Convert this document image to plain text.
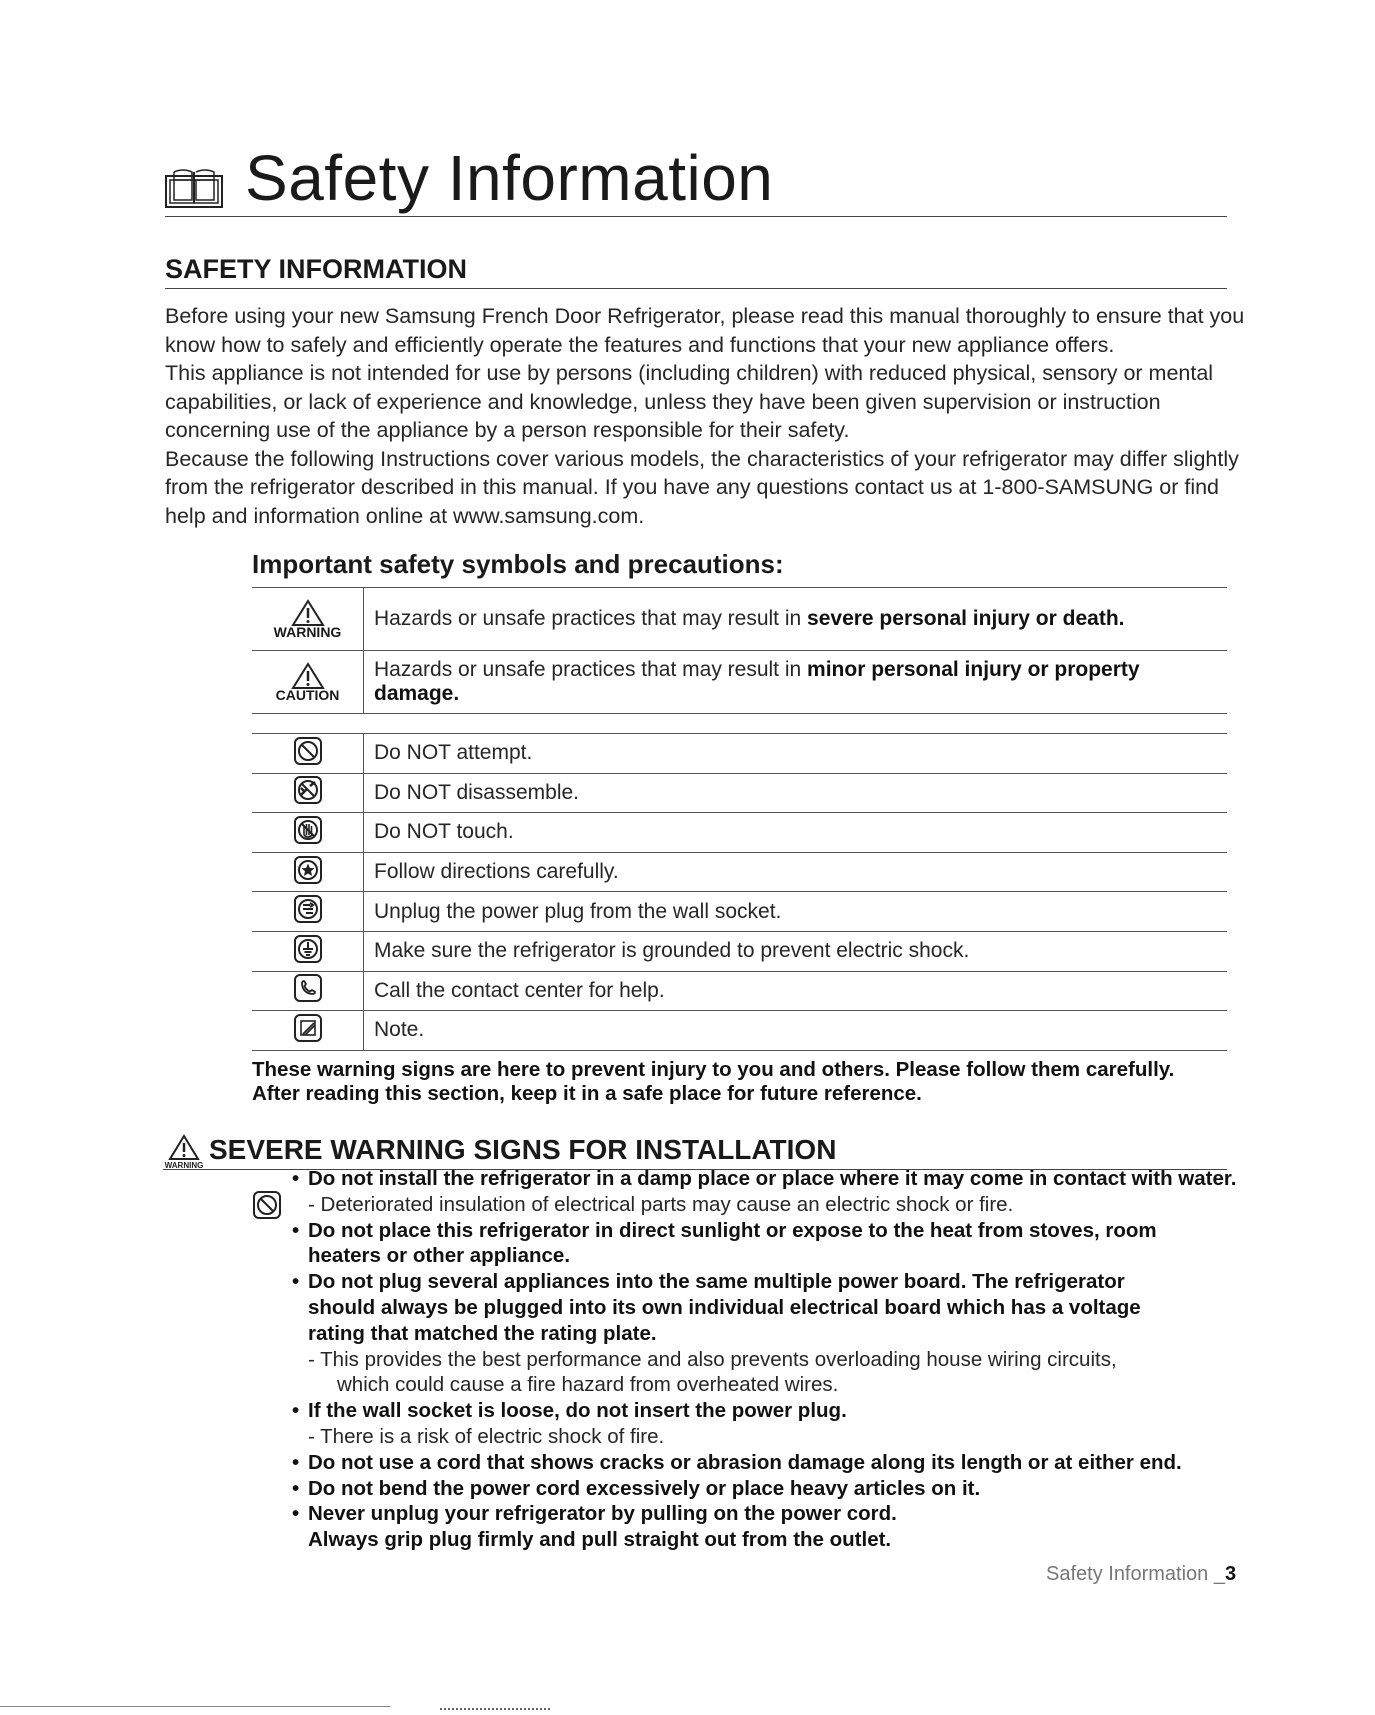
Safety Information
SAFETY INFORMATION

Before using your new Samsung French Door Refrigerator, please read this manual thoroughly to ensure that you know how to safely and efficiently operate the features and functions that your new appliance offers.

This appliance is not intended for use by persons (including children) with reduced physical, sensory or mental capabilities, or lack of experience and knowledge, unless they have been given supervision or instruction concerning use of the appliance by a person responsible for their safety.

Because the following Instructions cover various models, the characteristics of your refrigerator may differ slightly from the refrigerator described in this manual. If you have any questions contact us at 1-800-SAMSUNG or find help and information online at www.samsung.com.

Important safety symbols and precautions:
WARNING	Hazards or unsafe practices that may result in severe personal injury or death.

CAUTION	Hazards or unsafe practices that may result in minor personal injury or property damage.
	Do NOT attempt.
	Do NOT disassemble.
	Do NOT touch.
	Follow directions carefully.
	Unplug the power plug from the wall socket.
	Make sure the refrigerator is grounded to prevent electric shock.
	Call the contact center for help.
	Note.
These warning signs are here to prevent injury to you and others. Please follow them carefully.
After reading this section, keep it in a safe place for future reference.
WARNING
SEVERE WARNING SIGNS FOR INSTALLATION
• Do not install the refrigerator in a damp place or place where it may come in contact with water.
- Deteriorated insulation of electrical parts may cause an electric shock or fire.
• Do not place this refrigerator in direct sunlight or expose to the heat from stoves, room
heaters or other appliance.
• Do not plug several appliances into the same multiple power board. The refrigerator
should always be plugged into its own individual electrical board which has a voltage
rating that matched the rating plate.
- This provides the best performance and also prevents overloading house wiring circuits,
which could cause a fire hazard from overheated wires.
• If the wall socket is loose, do not insert the power plug.
- There is a risk of electric shock of fire.
• Do not use a cord that shows cracks or abrasion damage along its length or at either end.
• Do not bend the power cord excessively or place heavy articles on it.
• Never unplug your refrigerator by pulling on the power cord.
Always grip plug firmly and pull straight out from the outlet.
Safety Information _3
